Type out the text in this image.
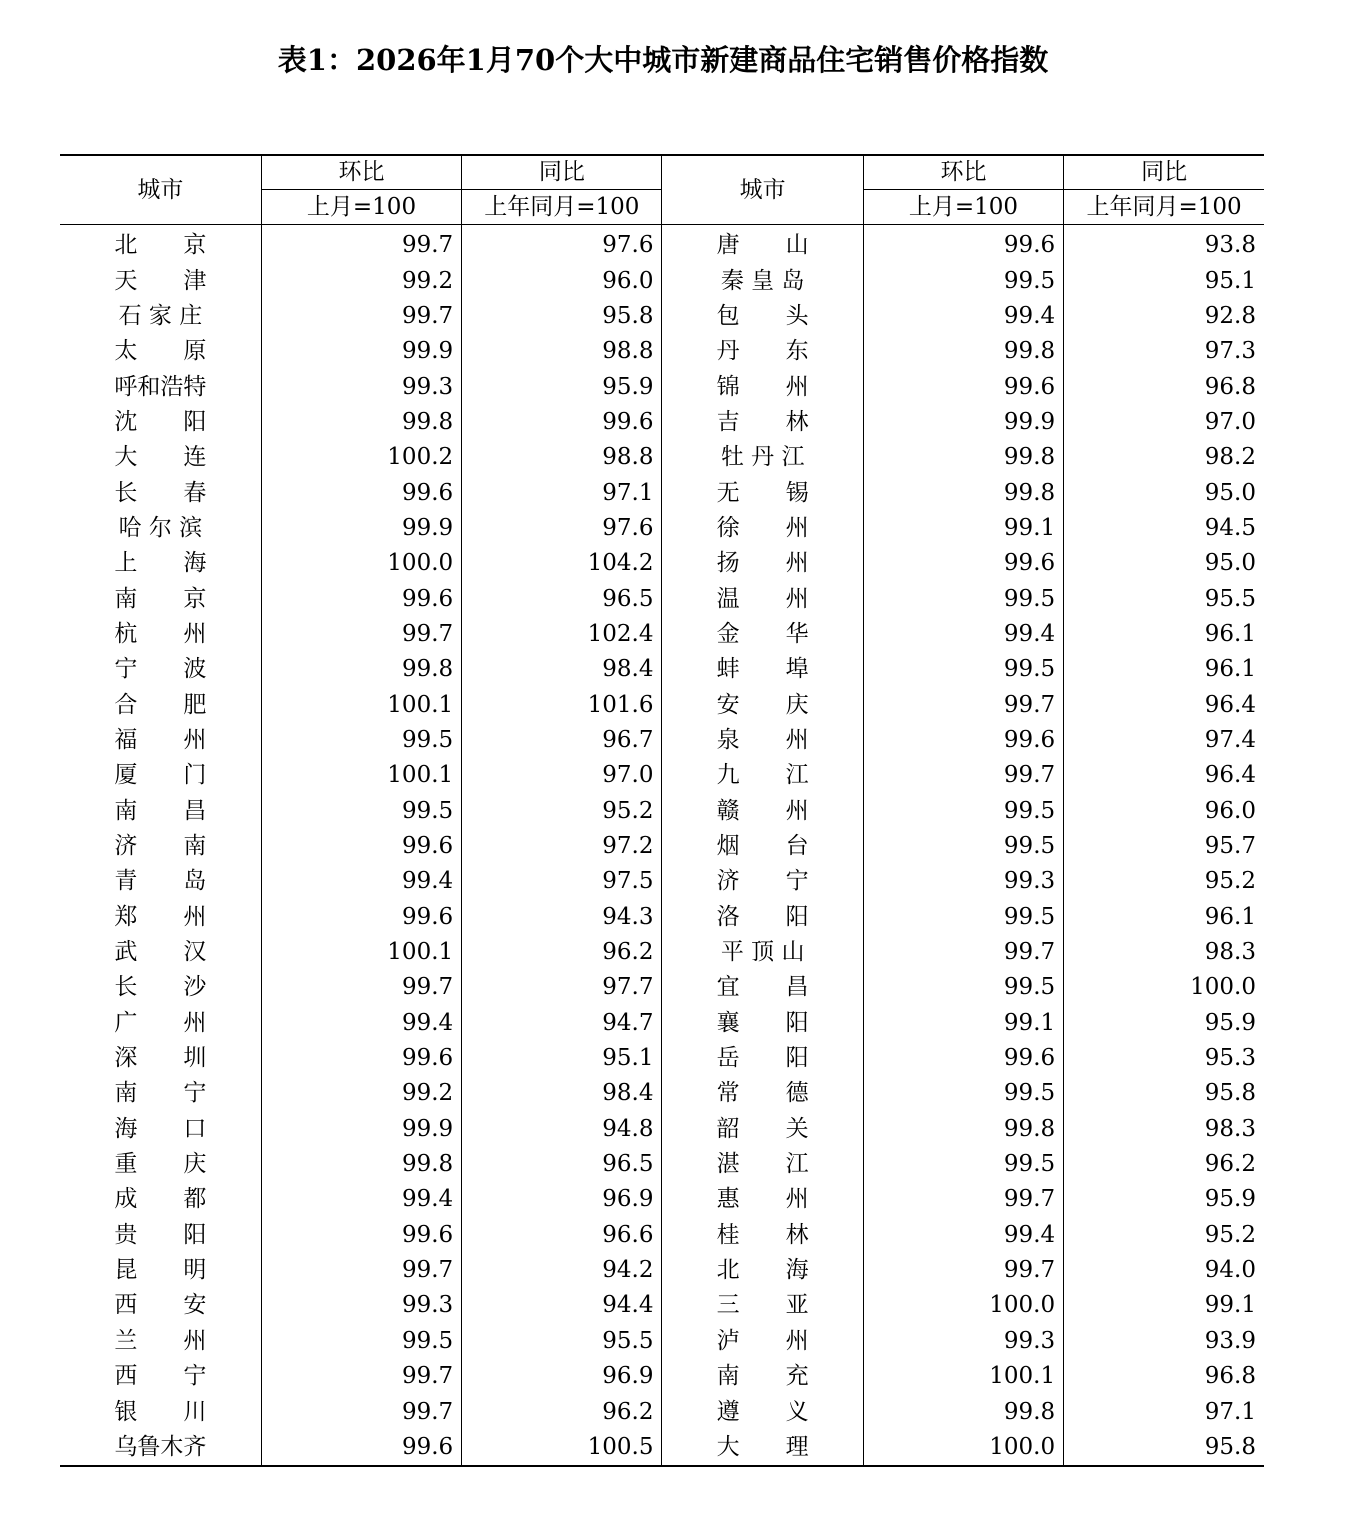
表1：2026年1月70个大中城市新建商品住宅销售价格指数
城市	环比	同比	城市	环比	同比
	上月=100	上年同月=100		上月=100	上年同月=100
北　　京	99.7	97.6	唐　　山	99.6	93.8
天　　津	99.2	96.0	秦 皇 岛	99.5	95.1
石 家 庄	99.7	95.8	包　　头	99.4	92.8
太　　原	99.9	98.8	丹　　东	99.8	97.3
呼和浩特	99.3	95.9	锦　　州	99.6	96.8
沈　　阳	99.8	99.6	吉　　林	99.9	97.0
大　　连	100.2	98.8	牡 丹 江	99.8	98.2
长　　春	99.6	97.1	无　　锡	99.8	95.0
哈 尔 滨	99.9	97.6	徐　　州	99.1	94.5
上　　海	100.0	104.2	扬　　州	99.6	95.0
南　　京	99.6	96.5	温　　州	99.5	95.5
杭　　州	99.7	102.4	金　　华	99.4	96.1
宁　　波	99.8	98.4	蚌　　埠	99.5	96.1
合　　肥	100.1	101.6	安　　庆	99.7	96.4
福　　州	99.5	96.7	泉　　州	99.6	97.4
厦　　门	100.1	97.0	九　　江	99.7	96.4
南　　昌	99.5	95.2	赣　　州	99.5	96.0
济　　南	99.6	97.2	烟　　台	99.5	95.7
青　　岛	99.4	97.5	济　　宁	99.3	95.2
郑　　州	99.6	94.3	洛　　阳	99.5	96.1
武　　汉	100.1	96.2	平 顶 山	99.7	98.3
长　　沙	99.7	97.7	宜　　昌	99.5	100.0
广　　州	99.4	94.7	襄　　阳	99.1	95.9
深　　圳	99.6	95.1	岳　　阳	99.6	95.3
南　　宁	99.2	98.4	常　　德	99.5	95.8
海　　口	99.9	94.8	韶　　关	99.8	98.3
重　　庆	99.8	96.5	湛　　江	99.5	96.2
成　　都	99.4	96.9	惠　　州	99.7	95.9
贵　　阳	99.6	96.6	桂　　林	99.4	95.2
昆　　明	99.7	94.2	北　　海	99.7	94.0
西　　安	99.3	94.4	三　　亚	100.0	99.1
兰　　州	99.5	95.5	泸　　州	99.3	93.9
西　　宁	99.7	96.9	南　　充	100.1	96.8
银　　川	99.7	96.2	遵　　义	99.8	97.1
乌鲁木齐	99.6	100.5	大　　理	100.0	95.8
